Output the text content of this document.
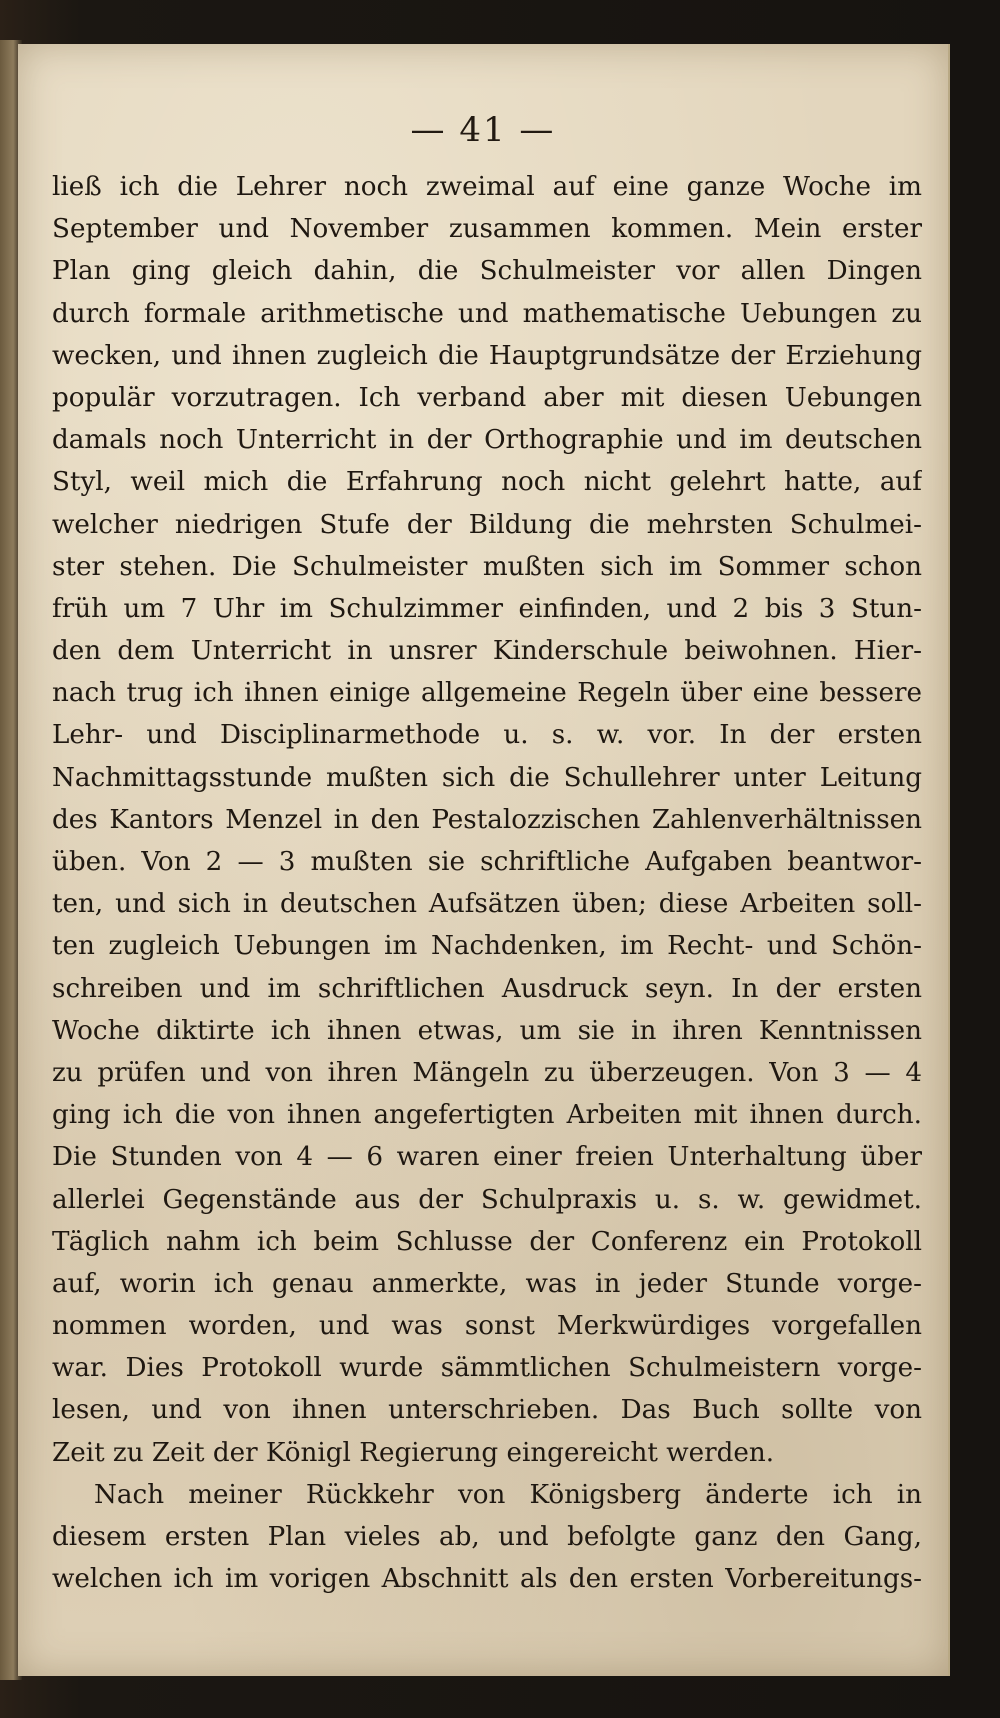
— 41 —
ließ ich die Lehrer noch zweimal auf eine ganze Woche im
September und November zusammen kommen. Mein erster
Plan ging gleich dahin, die Schulmeister vor allen Dingen
durch formale arithmetische und mathematische Uebungen zu
wecken, und ihnen zugleich die Hauptgrundsätze der Erziehung
populär vorzutragen. Ich verband aber mit diesen Uebungen
damals noch Unterricht in der Orthographie und im deutschen
Styl, weil mich die Erfahrung noch nicht gelehrt hatte, auf
welcher niedrigen Stufe der Bildung die mehrsten Schulmei-
ster stehen. Die Schulmeister mußten sich im Sommer schon
früh um 7 Uhr im Schulzimmer einfinden, und 2 bis 3 Stun-
den dem Unterricht in unsrer Kinderschule beiwohnen. Hier-
nach trug ich ihnen einige allgemeine Regeln über eine bessere
Lehr- und Disciplinarmethode u. s. w. vor. In der ersten
Nachmittagsstunde mußten sich die Schullehrer unter Leitung
des Kantors Menzel in den Pestalozzischen Zahlenverhältnissen
üben. Von 2 — 3 mußten sie schriftliche Aufgaben beantwor-
ten, und sich in deutschen Aufsätzen üben; diese Arbeiten soll-
ten zugleich Uebungen im Nachdenken, im Recht- und Schön-
schreiben und im schriftlichen Ausdruck seyn. In der ersten
Woche diktirte ich ihnen etwas, um sie in ihren Kenntnissen
zu prüfen und von ihren Mängeln zu überzeugen. Von 3 — 4
ging ich die von ihnen angefertigten Arbeiten mit ihnen durch.
Die Stunden von 4 — 6 waren einer freien Unterhaltung über
allerlei Gegenstände aus der Schulpraxis u. s. w. gewidmet.
Täglich nahm ich beim Schlusse der Conferenz ein Protokoll
auf, worin ich genau anmerkte, was in jeder Stunde vorge-
nommen worden, und was sonst Merkwürdiges vorgefallen
war. Dies Protokoll wurde sämmtlichen Schulmeistern vorge-
lesen, und von ihnen unterschrieben. Das Buch sollte von
Zeit zu Zeit der Königl Regierung eingereicht werden.
Nach meiner Rückkehr von Königsberg änderte ich in
diesem ersten Plan vieles ab, und befolgte ganz den Gang,
welchen ich im vorigen Abschnitt als den ersten Vorbereitungs-
